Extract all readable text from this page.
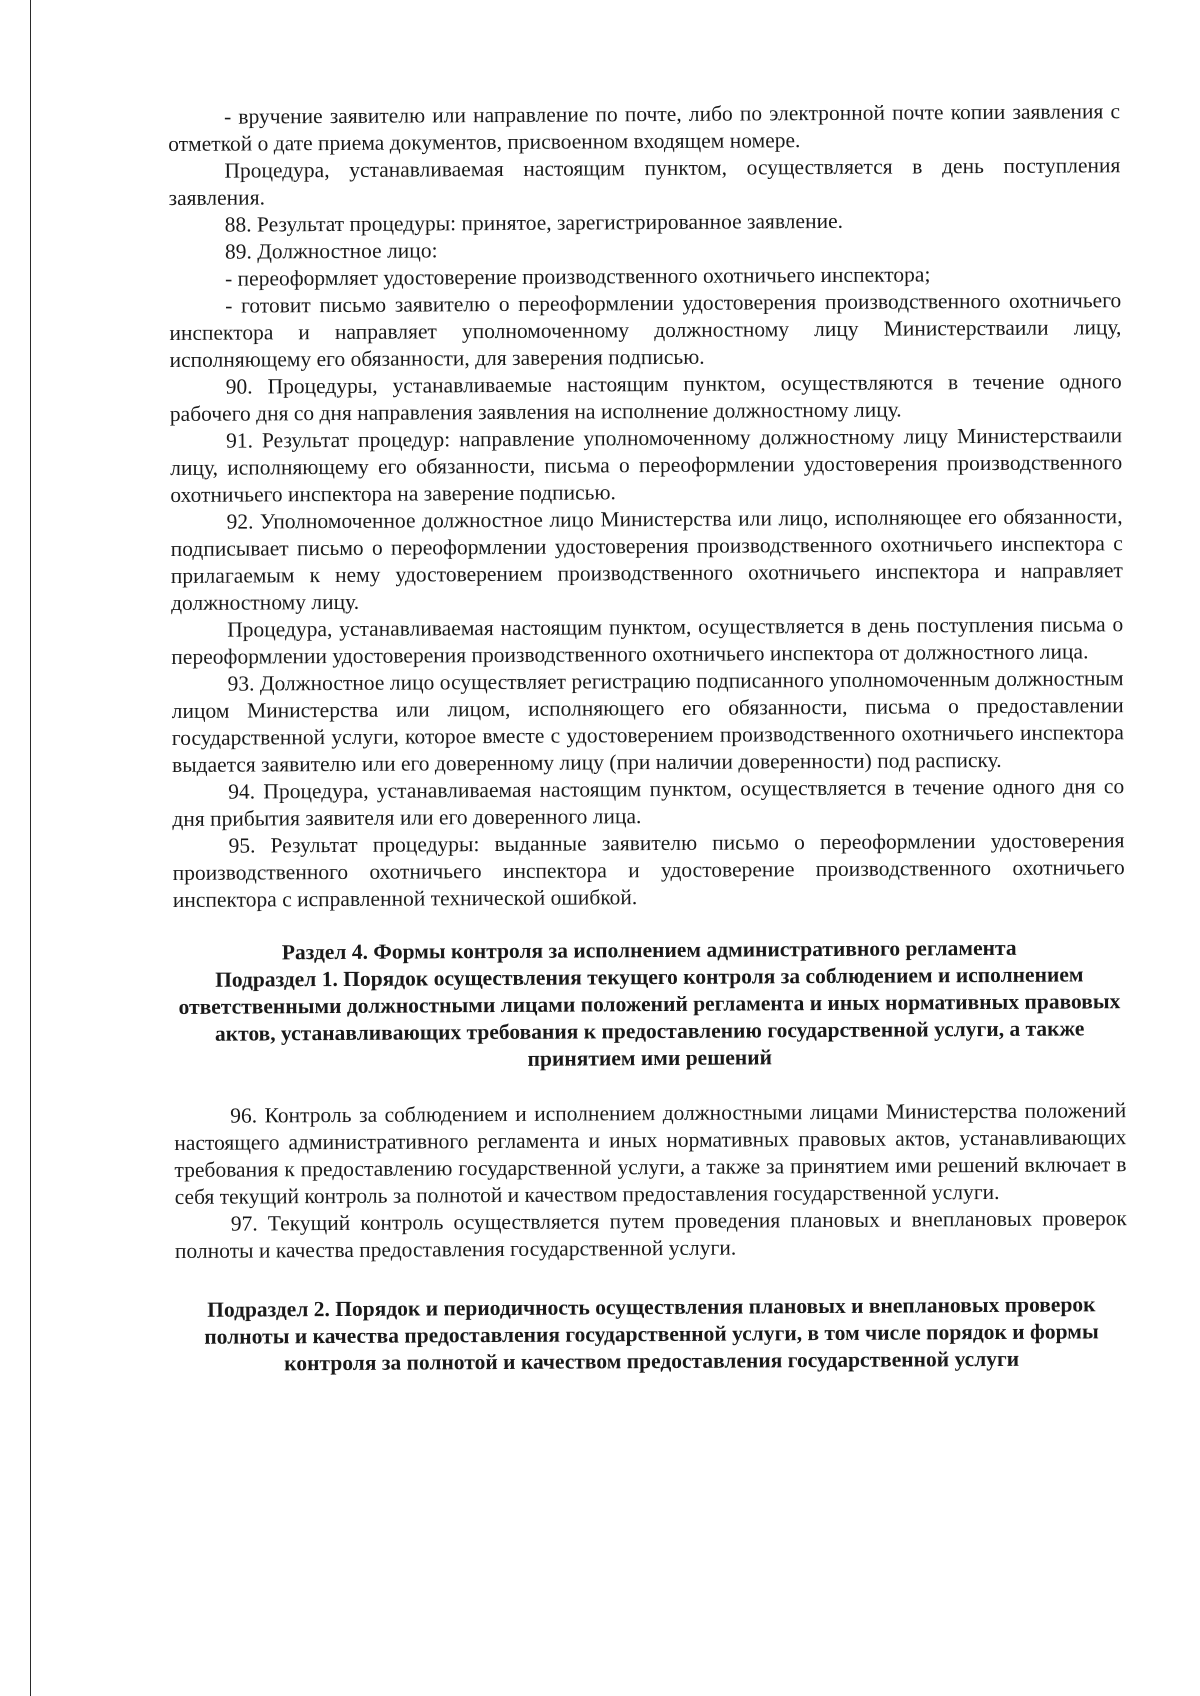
- вручение заявителю или направление по почте, либо по электронной почте копии заявления с отметкой о дате приема документов, присвоенном входящем номере.

Процедура, устанавливаемая настоящим пунктом, осуществляется в день поступления заявления.

88. Результат процедуры: принятое, зарегистрированное заявление.

89. Должностное лицо:

- переоформляет удостоверение производственного охотничьего инспектора;

- готовит письмо заявителю о переоформлении удостоверения производственного охотничьего инспектора и направляет уполномоченному должностному лицу Министерстваили лицу, исполняющему его обязанности, для заверения подписью.

90. Процедуры, устанавливаемые настоящим пунктом, осуществляются в течение одного рабочего дня со дня направления заявления на исполнение должностному лицу.

91. Результат процедур: направление уполномоченному должностному лицу Министерстваили лицу, исполняющему его обязанности, письма о переоформлении удостоверения производственного охотничьего инспектора на заверение подписью.

92. Уполномоченное должностное лицо Министерства или лицо, исполняющее его обязанности, подписывает письмо о переоформлении удостоверения производственного охотничьего инспектора с прилагаемым к нему удостоверением производственного охотничьего инспектора и направляет должностному лицу.

Процедура, устанавливаемая настоящим пунктом, осуществляется в день поступления письма о переоформлении удостоверения производственного охотничьего инспектора от должностного лица.

93. Должностное лицо осуществляет регистрацию подписанного уполномоченным должностным лицом Министерства или лицом, исполняющего его обязанности, письма о предоставлении государственной услуги, которое вместе с удостоверением производственного охотничьего инспектора выдается заявителю или его доверенному лицу (при наличии доверенности) под расписку.

94. Процедура, устанавливаемая настоящим пунктом, осуществляется в течение одного дня со дня прибытия заявителя или его доверенного лица.

95. Результат процедуры: выданные заявителю письмо о переоформлении удостоверения производственного охотничьего инспектора и удостоверение производственного охотничьего инспектора с исправленной технической ошибкой.

Раздел 4. Формы контроля за исполнением административного регламента

Подраздел 1. Порядок осуществления текущего контроля за соблюдением и исполнением ответственными должностными лицами положений регламента и иных нормативных правовых актов, устанавливающих требования к предоставлению государственной услуги, а также принятием ими решений

96. Контроль за соблюдением и исполнением должностными лицами Министерства положений настоящего административного регламента и иных нормативных правовых актов, устанавливающих требования к предоставлению государственной услуги, а также за принятием ими решений включает в себя текущий контроль за полнотой и качеством предоставления государственной услуги.

97. Текущий контроль осуществляется путем проведения плановых и внеплановых проверок полноты и качества предоставления государственной услуги.

Подраздел 2. Порядок и периодичность осуществления плановых и внеплановых проверок полноты и качества предоставления государственной услуги, в том числе порядок и формы контроля за полнотой и качеством предоставления государственной услуги
